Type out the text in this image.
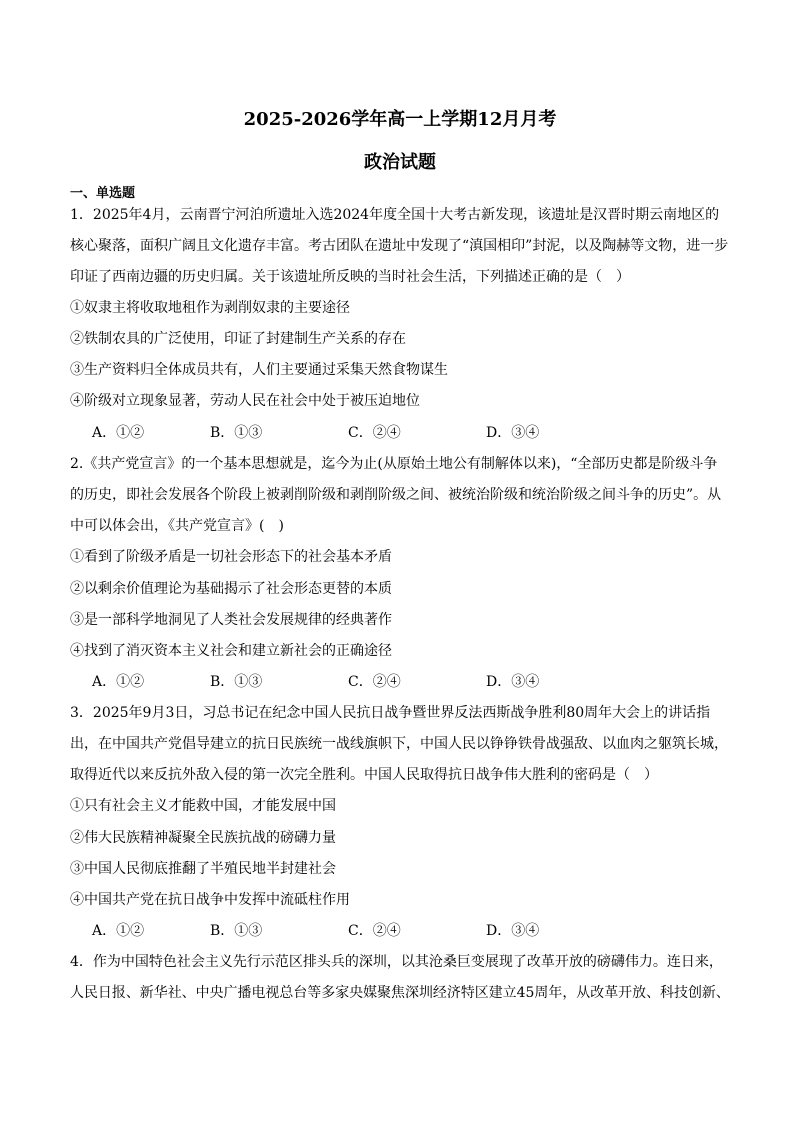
2025-2026学年高一上学期12月月考
政治试题
一、单选题
1．2025年4月，云南晋宁河泊所遗址入选2024年度全国十大考古新发现，该遗址是汉晋时期云南地区的
核心聚落，面积广阔且文化遗存丰富。考古团队在遗址中发现了“滇国相印”封泥，以及陶赫等文物，进一步
印证了西南边疆的历史归属。关于该遗址所反映的当时社会生活，下列描述正确的是（　）
①奴隶主将收取地租作为剥削奴隶的主要途径
②铁制农具的广泛使用，印证了封建制生产关系的存在
③生产资料归全体成员共有，人们主要通过采集天然食物谋生
④阶级对立现象显著，劳动人民在社会中处于被压迫地位
A．①②	B．①③	C．②④	D．③④
2.《共产党宣言》的一个基本思想就是，迄今为止(从原始土地公有制解体以来)，“全部历史都是阶级斗争
的历史，即社会发展各个阶段上被剥削阶级和剥削阶级之间、被统治阶级和统治阶级之间斗争的历史”。从
中可以体会出，《共产党宣言》(　)
①看到了阶级矛盾是一切社会形态下的社会基本矛盾
②以剩余价值理论为基础揭示了社会形态更替的本质
③是一部科学地洞见了人类社会发展规律的经典著作
④找到了消灭资本主义社会和建立新社会的正确途径
A．①②	B．①③	C．②④	D．③④
3．2025年9月3日，习总书记在纪念中国人民抗日战争暨世界反法西斯战争胜利80周年大会上的讲话指
出，在中国共产党倡导建立的抗日民族统一战线旗帜下，中国人民以铮铮铁骨战强敌、以血肉之躯筑长城，
取得近代以来反抗外敌入侵的第一次完全胜利。中国人民取得抗日战争伟大胜利的密码是（　）
①只有社会主义才能救中国，才能发展中国
②伟大民族精神凝聚全民族抗战的磅礴力量
③中国人民彻底推翻了半殖民地半封建社会
④中国共产党在抗日战争中发挥中流砥柱作用
A．①②	B．①③	C．②④	D．③④
4．作为中国特色社会主义先行示范区排头兵的深圳，以其沧桑巨变展现了改革开放的磅礴伟力。连日来，
人民日报、新华社、中央广播电视总台等多家央媒聚焦深圳经济特区建立45周年，从改革开放、科技创新、
